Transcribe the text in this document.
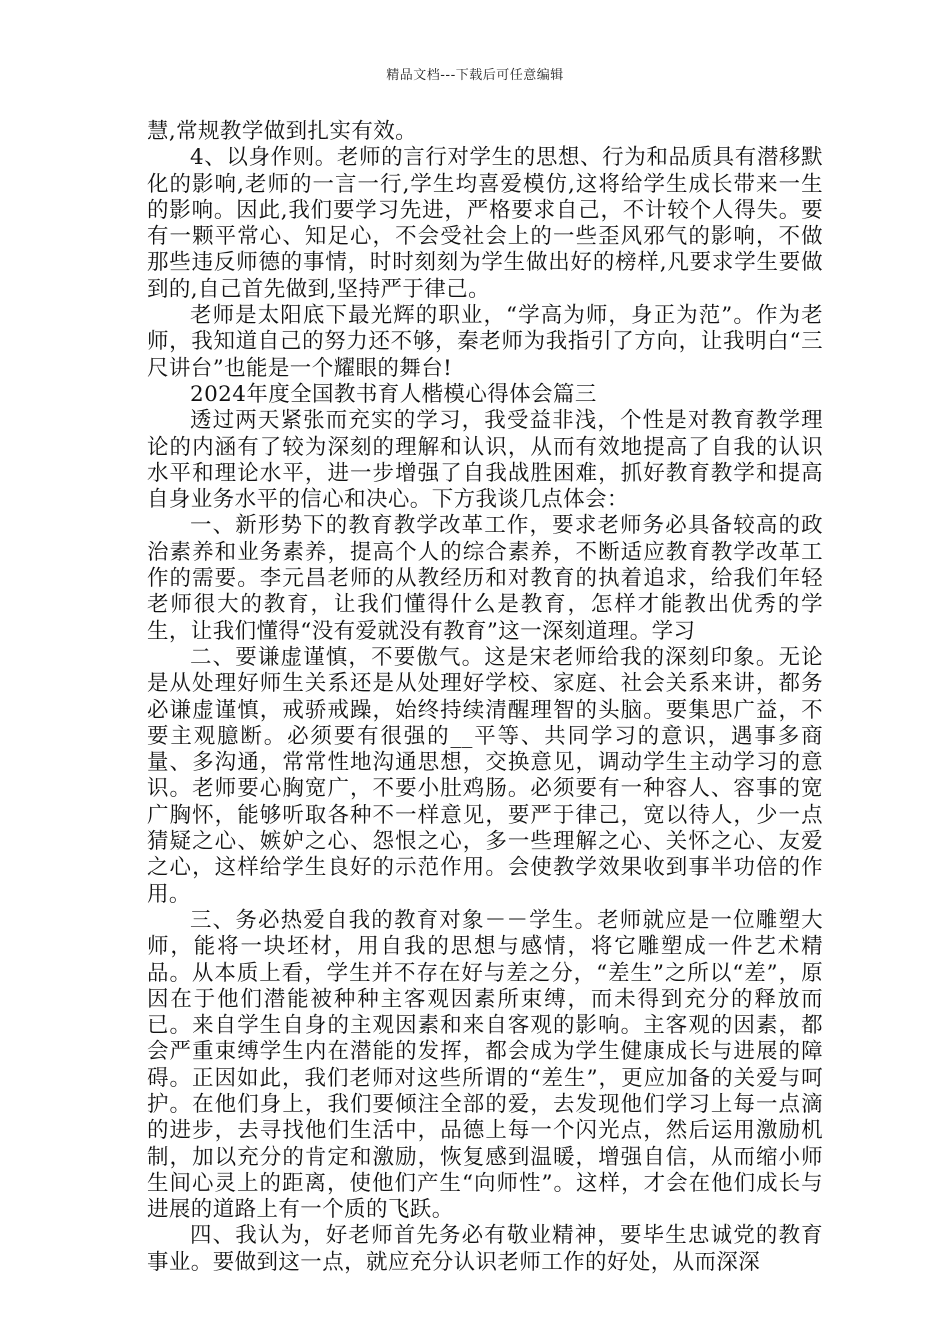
精品文档---下载后可任意编辑

慧,常规教学做到扎实有效。

4、以身作则。老师的言行对学生的思想、行为和品质具有潜移默化的影响,老师的一言一行,学生均喜爱模仿,这将给学生成长带来一生的影响。因此,我们要学习先进，严格要求自己，不计较个人得失。要有一颗平常心、知足心，不会受社会上的一些歪风邪气的影响，不做那些违反师德的事情，时时刻刻为学生做出好的榜样,凡要求学生要做到的,自己首先做到,坚持严于律己。

老师是太阳底下最光辉的职业，“学高为师，身正为范”。作为老师，我知道自己的努力还不够，秦老师为我指引了方向，让我明白“三尺讲台”也能是一个耀眼的舞台!

2024年度全国教书育人楷模心得体会篇三

透过两天紧张而充实的学习，我受益非浅，个性是对教育教学理论的内涵有了较为深刻的理解和认识，从而有效地提高了自我的认识水平和理论水平，进一步增强了自我战胜困难，抓好教育教学和提高自身业务水平的信心和决心。下方我谈几点体会：

一、新形势下的教育教学改革工作，要求老师务必具备较高的政治素养和业务素养，提高个人的综合素养，不断适应教育教学改革工作的需要。李元昌老师的从教经历和对教育的执着追求，给我们年轻老师很大的教育，让我们懂得什么是教育，怎样才能教出优秀的学生，让我们懂得“没有爱就没有教育”这一深刻道理。学习

二、要谦虚谨慎，不要傲气。这是宋老师给我的深刻印象。无论是从处理好师生关系还是从处理好学校、家庭、社会关系来讲，都务必谦虚谨慎，戒骄戒躁，始终持续清醒理智的头脑。要集思广益，不要主观臆断。必须要有很强的__平等、共同学习的意识，遇事多商量、多沟通，常常性地沟通思想，交换意见，调动学生主动学习的意识。老师要心胸宽广，不要小肚鸡肠。必须要有一种容人、容事的宽广胸怀，能够听取各种不一样意见，要严于律己，宽以待人，少一点猜疑之心、嫉妒之心、怨恨之心，多一些理解之心、关怀之心、友爱之心，这样给学生良好的示范作用。会使教学效果收到事半功倍的作用。

三、务必热爱自我的教育对象－－学生。老师就应是一位雕塑大师，能将一块坯材，用自我的思想与感情，将它雕塑成一件艺术精品。从本质上看，学生并不存在好与差之分，“差生”之所以“差”，原因在于他们潜能被种种主客观因素所束缚，而未得到充分的释放而已。来自学生自身的主观因素和来自客观的影响。主客观的因素，都会严重束缚学生内在潜能的发挥，都会成为学生健康成长与进展的障碍。正因如此，我们老师对这些所谓的“差生”，更应加备的关爱与呵护。在他们身上，我们要倾注全部的爱，去发现他们学习上每一点滴的进步，去寻找他们生活中，品德上每一个闪光点，然后运用激励机制，加以充分的肯定和激励，恢复感到温暖，增强自信，从而缩小师生间心灵上的距离，使他们产生“向师性”。这样，才会在他们成长与进展的道路上有一个质的飞跃。

四、我认为，好老师首先务必有敬业精神，要毕生忠诚党的教育事业。要做到这一点，就应充分认识老师工作的好处，从而深深
